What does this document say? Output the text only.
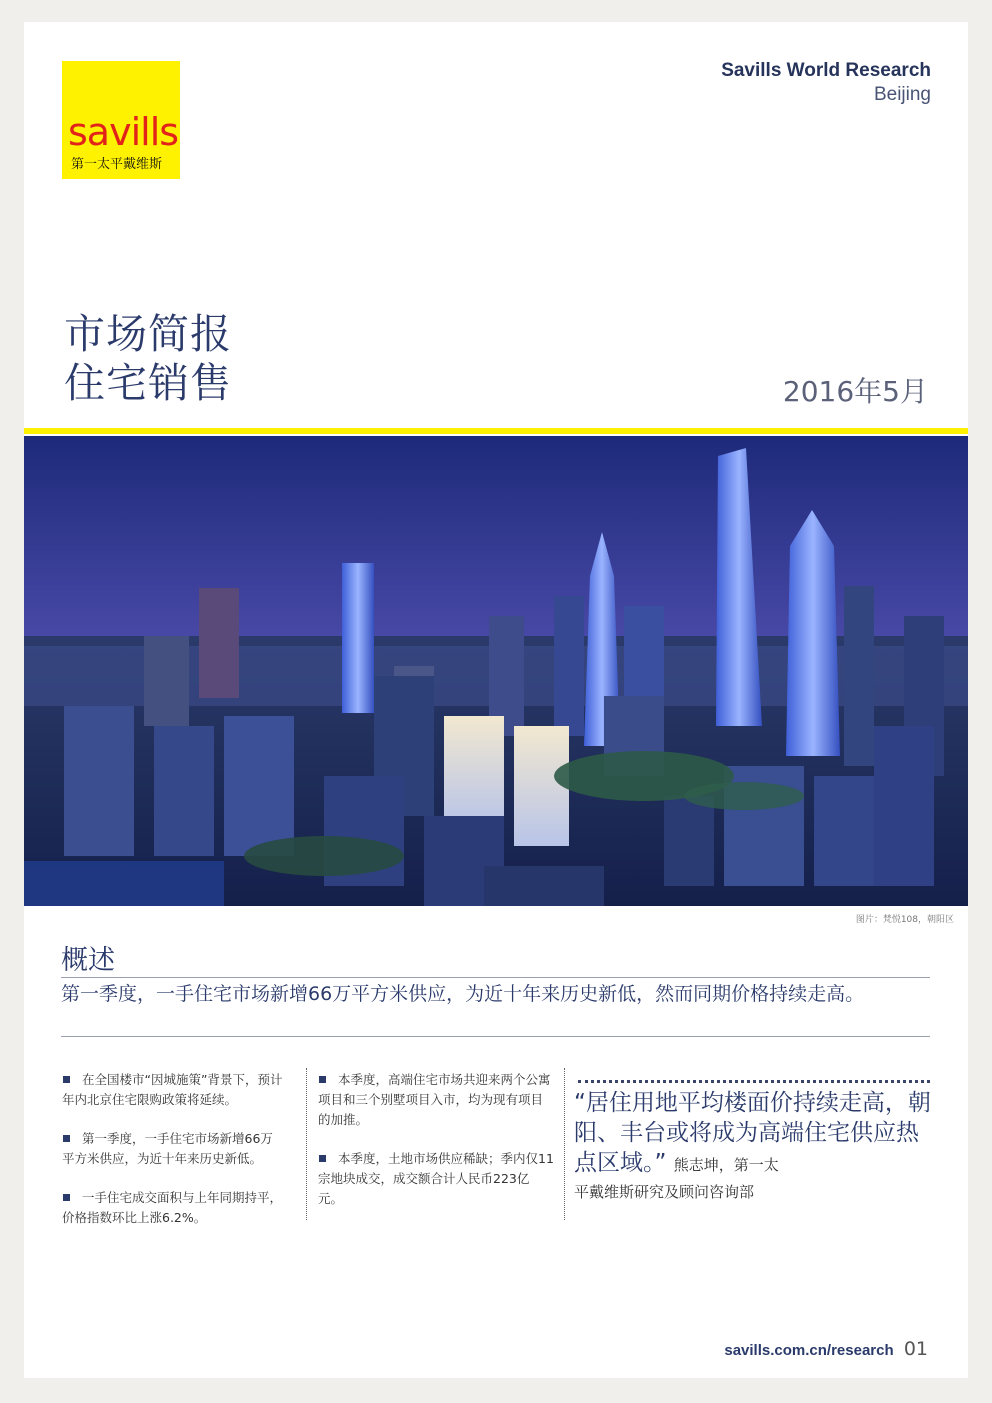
savills
第一太平戴维斯
Savills World Research
Beijing
市场简报
住宅销售	2016年5月
图片：梵悦108，朝阳区
概述
第一季度，一手住宅市场新增66万平方米供应，为近十年来历史新低，然而同期价格持续走高。
在全国楼市“因城施策”背景下，预计年内北京住宅限购政策将延续。
第一季度，一手住宅市场新增66万平方米供应，为近十年来历史新低。
一手住宅成交面积与上年同期持平，价格指数环比上涨6.2%。
本季度，高端住宅市场共迎来两个公寓项目和三个别墅项目入市，均为现有项目的加推。
本季度，土地市场供应稀缺；季内仅11宗地块成交，成交额合计人民币223亿元。
“居住用地平均楼面价持续走高，朝阳、丰台或将成为高端住宅供应热点区域。” 熊志坤，第一太
平戴维斯研究及顾问咨询部
savills.com.cn/research 01
